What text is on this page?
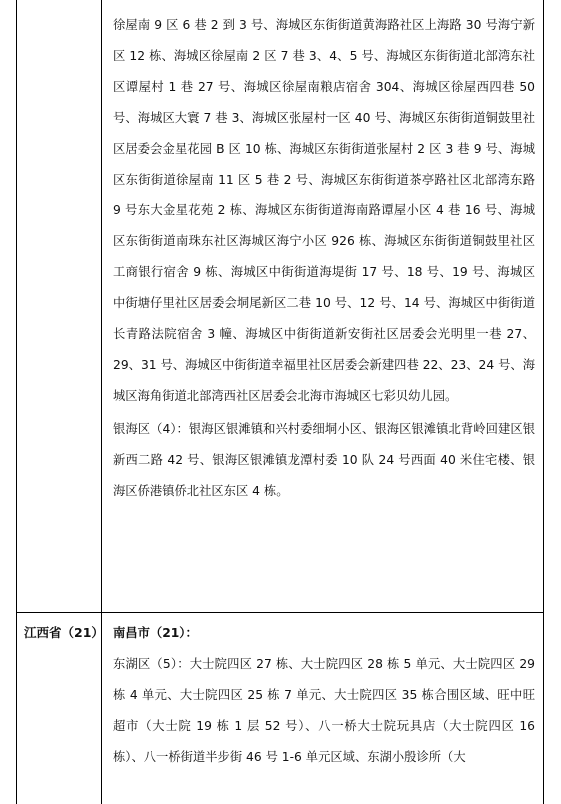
徐屋南 9 区 6 巷 2 到 3 号、海城区东街街道黄海路社区上海路 30 号海宁新区 12 栋、海城区徐屋南 2 区 7 巷 3、4、5 号、海城区东街街道北部湾东社区谭屋村 1 巷 27 号、海城区徐屋南粮店宿舍 304、海城区徐屋西四巷 50 号、海城区大寰 7 巷 3、海城区张屋村一区 40 号、海城区东街街道铜鼓里社区居委会金星花园 B 区 10 栋、海城区东街街道张屋村 2 区 3 巷 9 号、海城区东街街道徐屋南 11 区 5 巷 2 号、海城区东街街道茶亭路社区北部湾东路 9 号东大金星花苑 2 栋、海城区东街街道海南路谭屋小区 4 巷 16 号、海城区东街街道南珠东社区海城区海宁小区 926 栋、海城区东街街道铜鼓里社区工商银行宿舍 9 栋、海城区中街街道海堤街 17 号、18 号、19 号、海城区中街塘仔里社区居委会垌尾新区二巷 10 号、12 号、14 号、海城区中街街道长青路法院宿舍 3 幢、海城区中街街道新安街社区居委会光明里一巷 27、29、31 号、海城区中街街道幸福里社区居委会新建四巷 22、23、24 号、海城区海角街道北部湾西社区居委会北海市海城区七彩贝幼儿园。

银海区（4）：银海区银滩镇和兴村委细垌小区、银海区银滩镇北背岭回建区银新西二路 42 号、银海区银滩镇龙潭村委 10 队 24 号西面 40 米住宅楼、银海区侨港镇侨北社区东区 4 栋。

江西省（21） 南昌市（21）：

东湖区（5）：大士院四区 27 栋、大士院四区 28 栋 5 单元、大士院四区 29 栋 4 单元、大士院四区 25 栋 7 单元、大士院四区 35 栋合围区域、旺中旺超市（大士院 19 栋 1 层 52 号）、八一桥大士院玩具店（大士院四区 16 栋）、八一桥街道半步街 46 号 1-6 单元区域、东湖小殷诊所（大
